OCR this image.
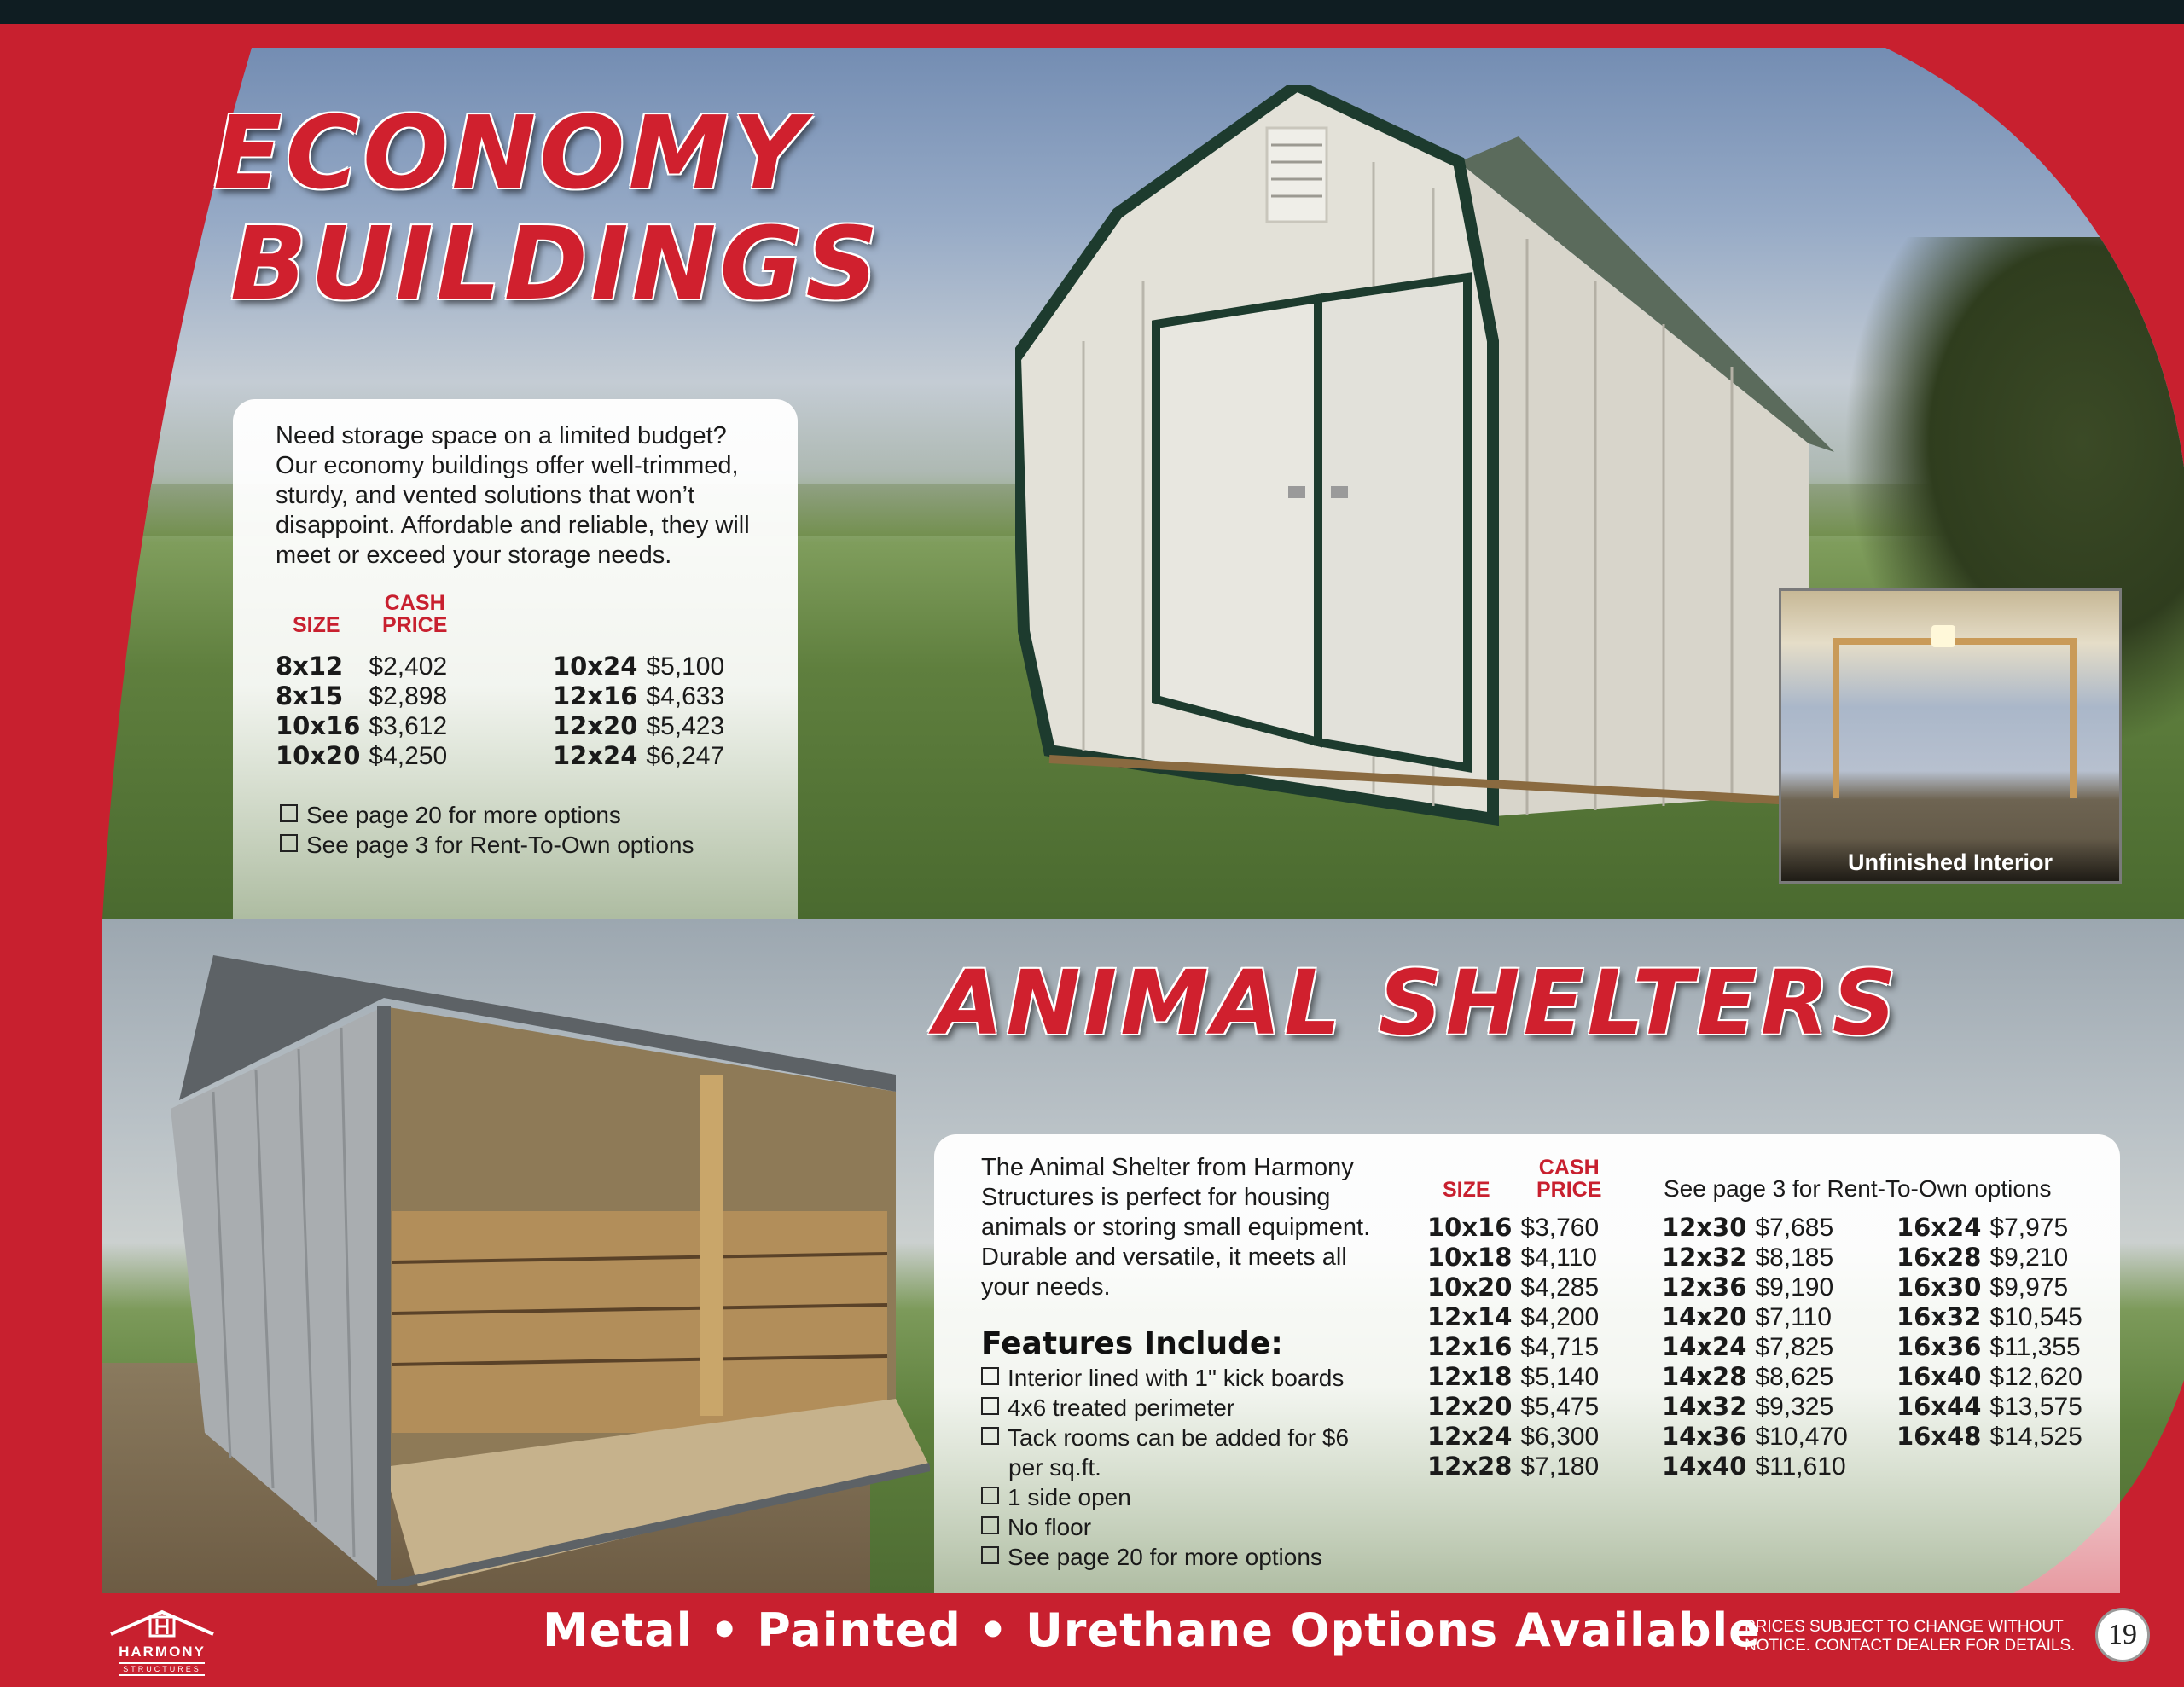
ECONOMY
BUILDINGS
Need storage space on a limited budget? Our economy buildings offer well-trimmed, sturdy, and vented solutions that won’t disappoint. Affordable and reliable, they will meet or exceed your storage needs.
SIZE
CASH
PRICE
8x12	$2,402
8x15	$2,898
10x16	$3,612
10x20	$4,250
10x24	$5,100
12x16	$4,633
12x20	$5,423
12x24	$6,247
See page 20 for more options
See page 3 for Rent-To-Own options
Unfinished Interior
ANIMAL SHELTERS
The Animal Shelter from Harmony Structures is perfect for housing animals or storing small equipment. Durable and versatile, it meets all your needs.
Features Include:
Interior lined with 1" kick boards
4x6 treated perimeter
Tack rooms can be added for $6
per sq.ft.
1 side open
No floor
See page 20 for more options
SIZE
CASH
PRICE	See page 3 for Rent-To-Own options
10x16	$3,760
10x18	$4,110
10x20	$4,285
12x14	$4,200
12x16	$4,715
12x18	$5,140
12x20	$5,475
12x24	$6,300
12x28	$7,180
12x30	$7,685
12x32	$8,185
12x36	$9,190
14x20	$7,110
14x24	$7,825
14x28	$8,625
14x32	$9,325
14x36	$10,470
14x40	$11,610
16x24	$7,975
16x28	$9,210
16x30	$9,975
16x32	$10,545
16x36	$11,355
16x40	$12,620
16x44	$13,575
16x48	$14,525
HARMONY
STRUCTURES
Metal • Painted • Urethane Options Available
PRICES SUBJECT TO CHANGE WITHOUT
NOTICE. CONTACT DEALER FOR DETAILS.	19
